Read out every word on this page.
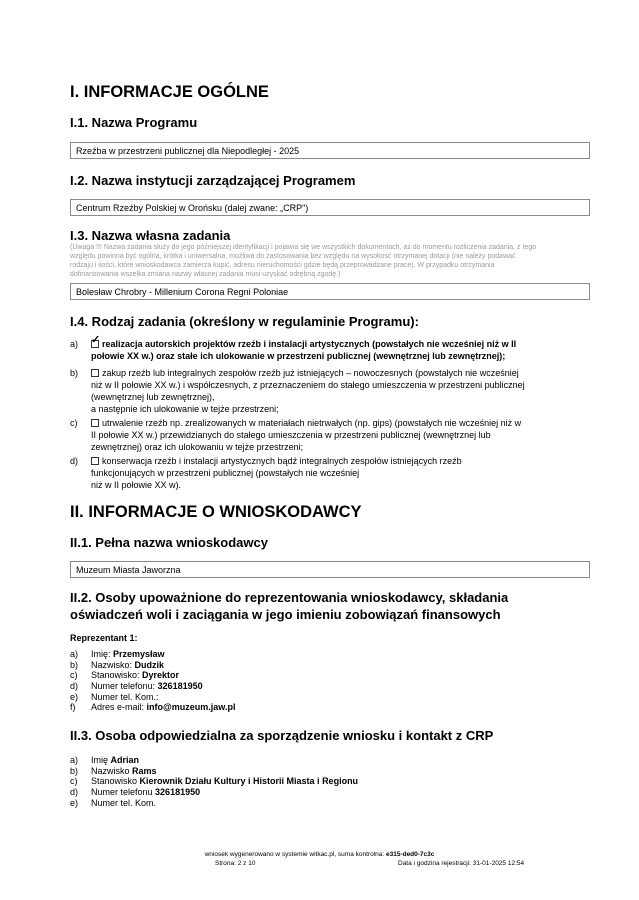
I. INFORMACJE OGÓLNE
I.1. Nazwa Programu
Rzeźba w przestrzeni publicznej dla Niepodległej - 2025
I.2. Nazwa instytucji zarządzającej Programem
Centrum Rzeźby Polskiej w Orońsku (dalej zwane: „CRP")
I.3. Nazwa własna zadania
(Uwaga !!! Nazwa zadania służy do jego późniejszej identyfikacji i pojawia się we wszystkich dokumentach, aż do momentu rozliczenia zadania, z tego
względu powinna być ogólna, krótka i uniwersalna, możliwa do zastosowania bez względu na wysokość otrzymanej dotacji (nie należy podawać
rodzaju i ilości, które wnioskodawca zamierza kupić, adresu nieruchomości gdzie będą przeprowadzane prace). W przypadku otrzymania
dofinansowania wszelka zmiana nazwy własnej zadania musi uzyskać odrębną zgodę.)
Bolesław Chrobry - Millenium Corona Regni Poloniae
I.4. Rodzaj zadania (określony w regulaminie Programu):
a)
✓	realizacja autorskich projektów rzeźb i instalacji artystycznych (powstałych nie wcześniej niż w II
połowie XX w.) oraz stałe ich ulokowanie w przestrzeni publicznej (wewnętrznej lub zewnętrznej);
b)	zakup rzeźb lub integralnych zespołów rzeźb już istniejących – nowoczesnych (powstałych nie wcześniej
niż w II połowie XX w.) i współczesnych, z przeznaczeniem do stałego umieszczenia w przestrzeni publicznej
(wewnętrznej lub zewnętrznej),
a następnie ich ulokowanie w tejże przestrzeni;
c)	utrwalenie rzeźb np. zrealizowanych w materiałach nietrwałych (np. gips) (powstałych nie wcześniej niż w
II połowie XX w.) przewidzianych do stałego umieszczenia w przestrzeni publicznej (wewnętrznej lub
zewnętrznej) oraz ich ulokowaniu w tejże przestrzeni;
d)	konserwacja rzeźb i instalacji artystycznych bądź integralnych zespołów istniejących rzeźb
funkcjonujących w przestrzeni publicznej (powstałych nie wcześniej
niż w II połowie XX w).
II. INFORMACJE O WNIOSKODAWCY
II.1. Pełna nazwa wnioskodawcy
Muzeum Miasta Jaworzna
II.2. Osoby upoważnione do reprezentowania wnioskodawcy, składania
oświadczeń woli i zaciągania w jego imieniu zobowiązań finansowych
Reprezentant 1:
a) Imię: Przemysław
b) Nazwisko: Dudzik
c) Stanowisko: Dyrektor
d) Numer telefonu: 326181950
e) Numer tel. Kom.:
f) Adres e-mail: info@muzeum.jaw.pl
II.3. Osoba odpowiedzialna za sporządzenie wniosku i kontakt z CRP
a) Imię Adrian
b) Nazwisko Rams
c) Stanowisko Kierownik Działu Kultury i Historii Miasta i Regionu
d) Numer telefonu 326181950
e) Numer tel. Kom.
wniosek wygenerowano w systemie witkac.pl, suma kontrolna: e315-ded0-7c3c
Strona: 2 z 10	Data i godzina rejestracji: 31-01-2025 12:54
